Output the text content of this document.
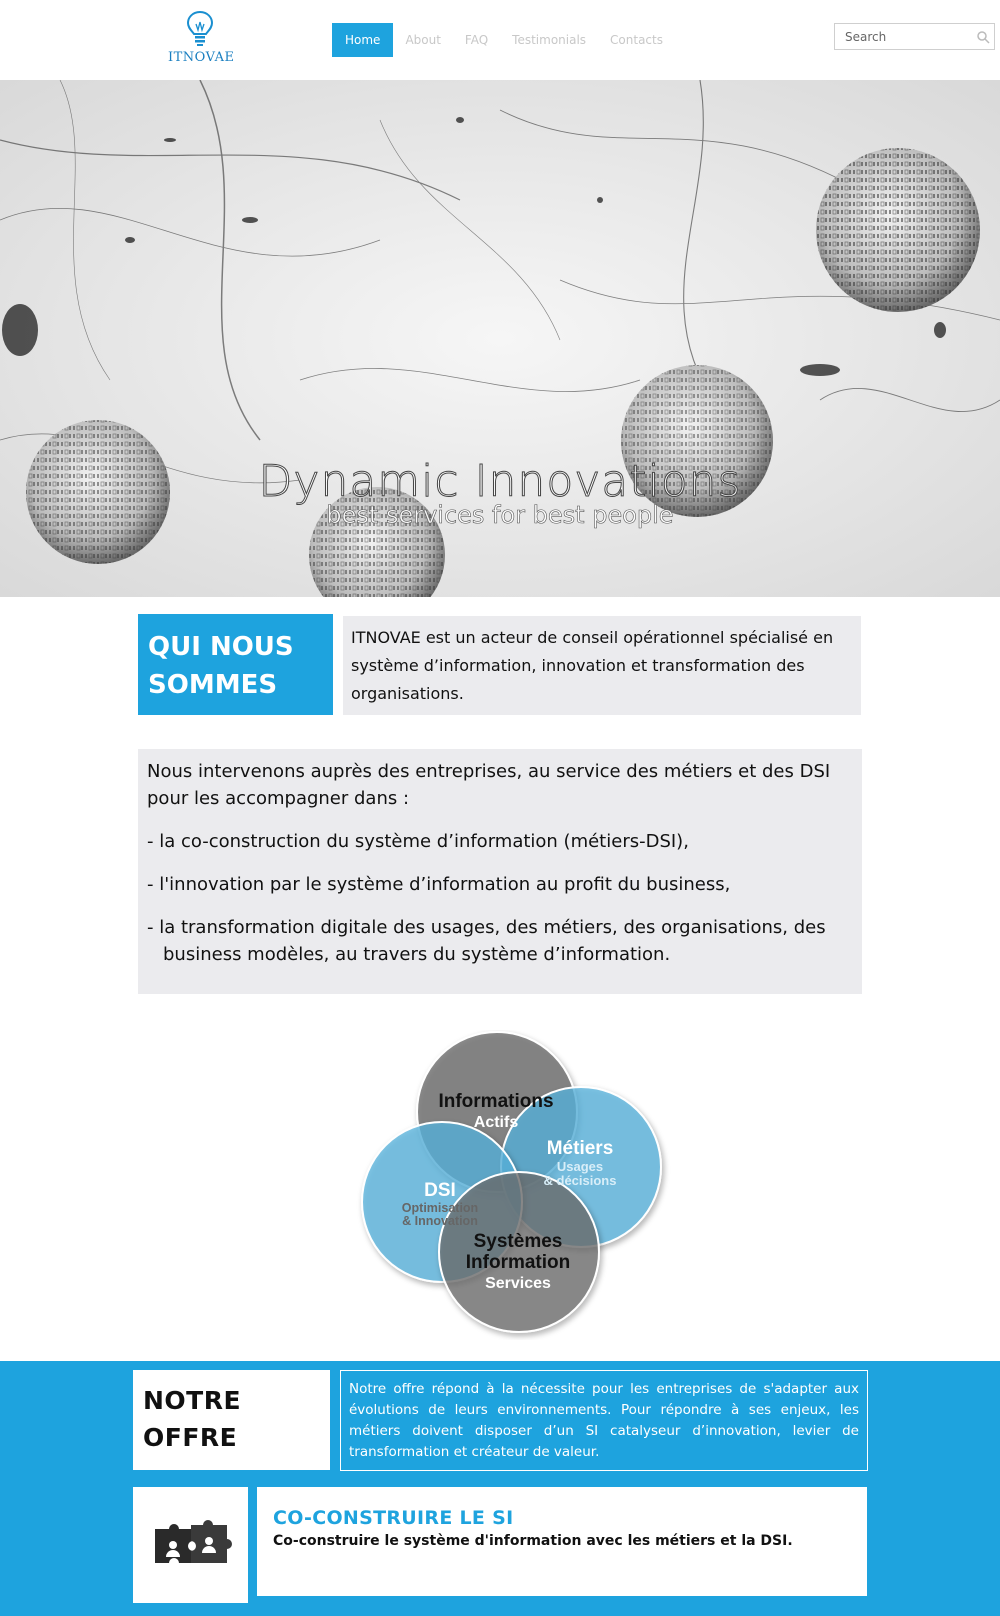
ITNOVAE
Home	About	FAQ	Testimonials	Contacts
Search
Dynamic Innovations
best services for best people
QUI NOUS
SOMMES
ITNOVAE est un acteur de conseil opérationnel spécialisé en système d’information, innovation et transformation des organisations.

Nous intervenons auprès des entreprises, au service des métiers et des DSI pour les accompagner dans :

- la co-construction du système d’information (métiers-DSI),

- l'innovation par le système d’information au profit du business,

- la transformation digitale des usages, des métiers, des organisations, des business modèles, au travers du système d’information.

Informations
Actifs
Métiers
Usages
& décisions
DSI
Optimisation
& Innovation
Systèmes
Information
Services
NOTRE
OFFRE
Notre offre répond à la nécessite pour les entreprises de s'adapter aux évolutions de leurs environnements. Pour répondre à ses enjeux, les métiers doivent disposer d’un SI catalyseur d’innovation, levier de transformation et créateur de valeur.
CO-CONSTRUIRE LE SI
Co-construire le système d'information avec les métiers et la DSI.
